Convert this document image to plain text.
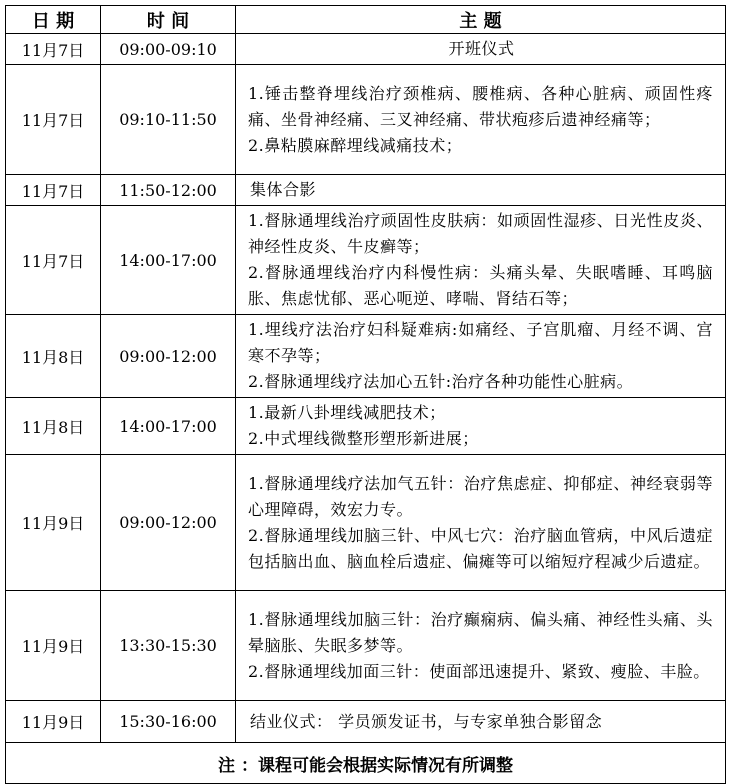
日 期	时 间	主 题
11月7日	09:00-09:10	开班仪式

11月7日	09:10-11:50	1.锤击整脊埋线治疗颈椎病、腰椎病、各种心脏病、顽固性疼痛、坐骨神经痛、三叉神经痛、带状疱疹后遗神经痛等；
2.鼻粘膜麻醉埋线减痛技术；

11月7日	11:50-12:00	集体合影

11月7日	14:00-17:00	1.督脉通埋线治疗顽固性皮肤病：如顽固性湿疹、日光性皮炎、神经性皮炎、牛皮癣等；
2.督脉通埋线治疗内科慢性病：头痛头晕、失眠嗜睡、耳鸣脑胀、焦虑忧郁、恶心呃逆、哮喘、肾结石等；

11月8日	09:00-12:00	1.埋线疗法治疗妇科疑难病:如痛经、子宫肌瘤、月经不调、宫寒不孕等；
2.督脉通埋线疗法加心五针:治疗各种功能性心脏病。

11月8日	14:00-17:00	1.最新八卦埋线减肥技术；
2.中式埋线微整形塑形新进展；

11月9日	09:00-12:00	1.督脉通埋线疗法加气五针：治疗焦虑症、抑郁症、神经衰弱等心理障碍，效宏力专。
2.督脉通埋线加脑三针、中风七穴：治疗脑血管病，中风后遗症包括脑出血、脑血栓后遗症、偏瘫等可以缩短疗程减少后遗症。

11月9日	13:30-15:30	1.督脉通埋线加脑三针：治疗癫痫病、偏头痛、神经性头痛、头晕脑胀、失眠多梦等。
2.督脉通埋线加面三针：使面部迅速提升、紧致、瘦脸、丰脸。

11月9日	15:30-16:00	结业仪式： 学员颁发证书，与专家单独合影留念

注 ：课程可能会根据实际情况有所调整		
